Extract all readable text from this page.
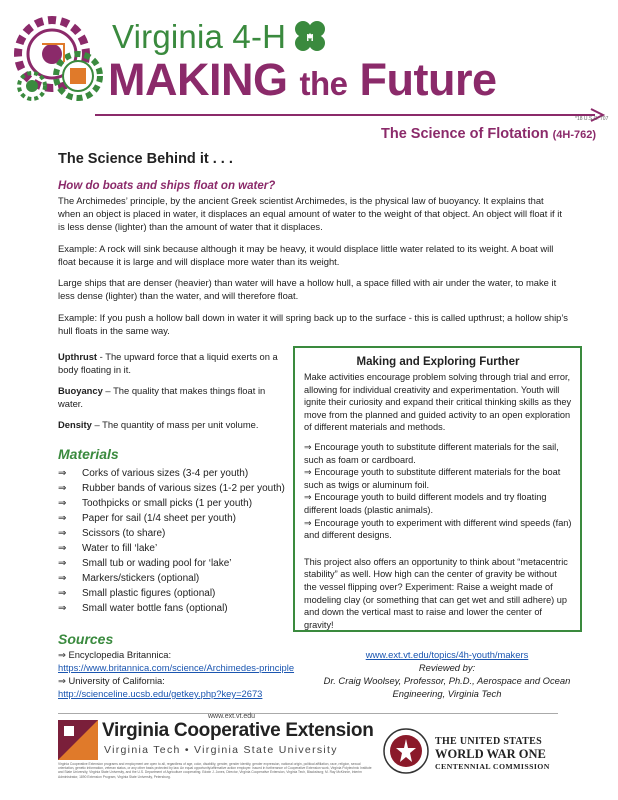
Virginia 4-H H
MAKING the Future
*18 U.S.C. 707
The Science of Flotation (4H-762)
The Science Behind it . . .
How do boats and ships float on water?

The Archimedes’ principle, by the ancient Greek scientist Archimedes, is the physical law of buoyancy. It explains that when an object is placed in water, it displaces an equal amount of water to the weight of that object. An object will float if it is less dense (lighter) than the amount of water that it displaces.

Example: A rock will sink because although it may be heavy, it would displace little water related to its weight. A boat will float because it is large and will displace more water than its weight.

Large ships that are denser (heavier) than water will have a hollow hull, a space filled with air under the water, to make it less dense (lighter) than the water, and will therefore float.

Example: If you push a hollow ball down in water it will spring back up to the surface - this is called upthrust; a hollow ship’s hull floats in the same way.

Upthrust - The upward force that a liquid exerts on a body floating in it.

Buoyancy – The quality that makes things float in water.

Density – The quantity of mass per unit volume.

Materials
⇒ Corks of various sizes (3-4 per youth)
⇒ Rubber bands of various sizes (1-2 per youth)
⇒ Toothpicks or small picks (1 per youth)
⇒ Paper for sail (1/4 sheet per youth)
⇒ Scissors (to share)
⇒ Water to fill ‘lake’
⇒ Small tub or wading pool for ‘lake’
⇒ Markers/stickers (optional)
⇒ Small plastic figures (optional)
⇒ Small water bottle fans (optional)
Making and Exploring Further

Make activities encourage problem solving through trial and error, allowing for individual creativity and experimentation. Youth will ignite their curiosity and expand their critical thinking skills as they move from the planned and guided activity to an open exploration of different materials and methods.

⇒ Encourage youth to substitute different materials for the sail, such as foam or cardboard.

⇒ Encourage youth to substitute different materials for the boat such as twigs or aluminum foil.

⇒ Encourage youth to build different models and try floating different loads (plastic animals).

⇒ Encourage youth to experiment with different wind speeds (fan) and different designs.

This project also offers an opportunity to think about “metacentric stability” as well. How high can the center of gravity be without the vessel flipping over? Experiment: Raise a weight made of modeling clay (or something that can get wet and still adhere) up and down the vertical mast to raise and lower the center of gravity!

Sources
⇒ Encyclopedia Britannica:
https://www.britannica.com/science/Archimedes-principle
⇒ University of California:
http://scienceline.ucsb.edu/getkey.php?key=2673
www.ext.vt.edu/topics/4h-youth/makers
Reviewed by:
Dr. Craig Woolsey, Professor, Ph.D., Aerospace and Ocean Engineering, Virginia Tech
www.ext.vt.edu
Virginia Cooperative Extension
Virginia Tech • Virginia State University
Virginia Cooperative Extension programs and employment are open to all, regardless of age, color, disability, gender, gender identity, gender expression, national origin, political affiliation, race, religion, sexual orientation, genetic information, veteran status, or any other basis protected by law. An equal opportunity/affirmative action employer. Issued in furtherance of Cooperative Extension work, Virginia Polytechnic Institute and State University, Virginia State University, and the U.S. Department of Agriculture cooperating. Edwin J. Jones, Director, Virginia Cooperative Extension, Virginia Tech, Blacksburg; M. Ray McKinnie, Interim Administrator, 1890 Extension Program, Virginia State University, Petersburg.
THE UNITED STATES
WORLD WAR ONE
CENTENNIAL COMMISSION
